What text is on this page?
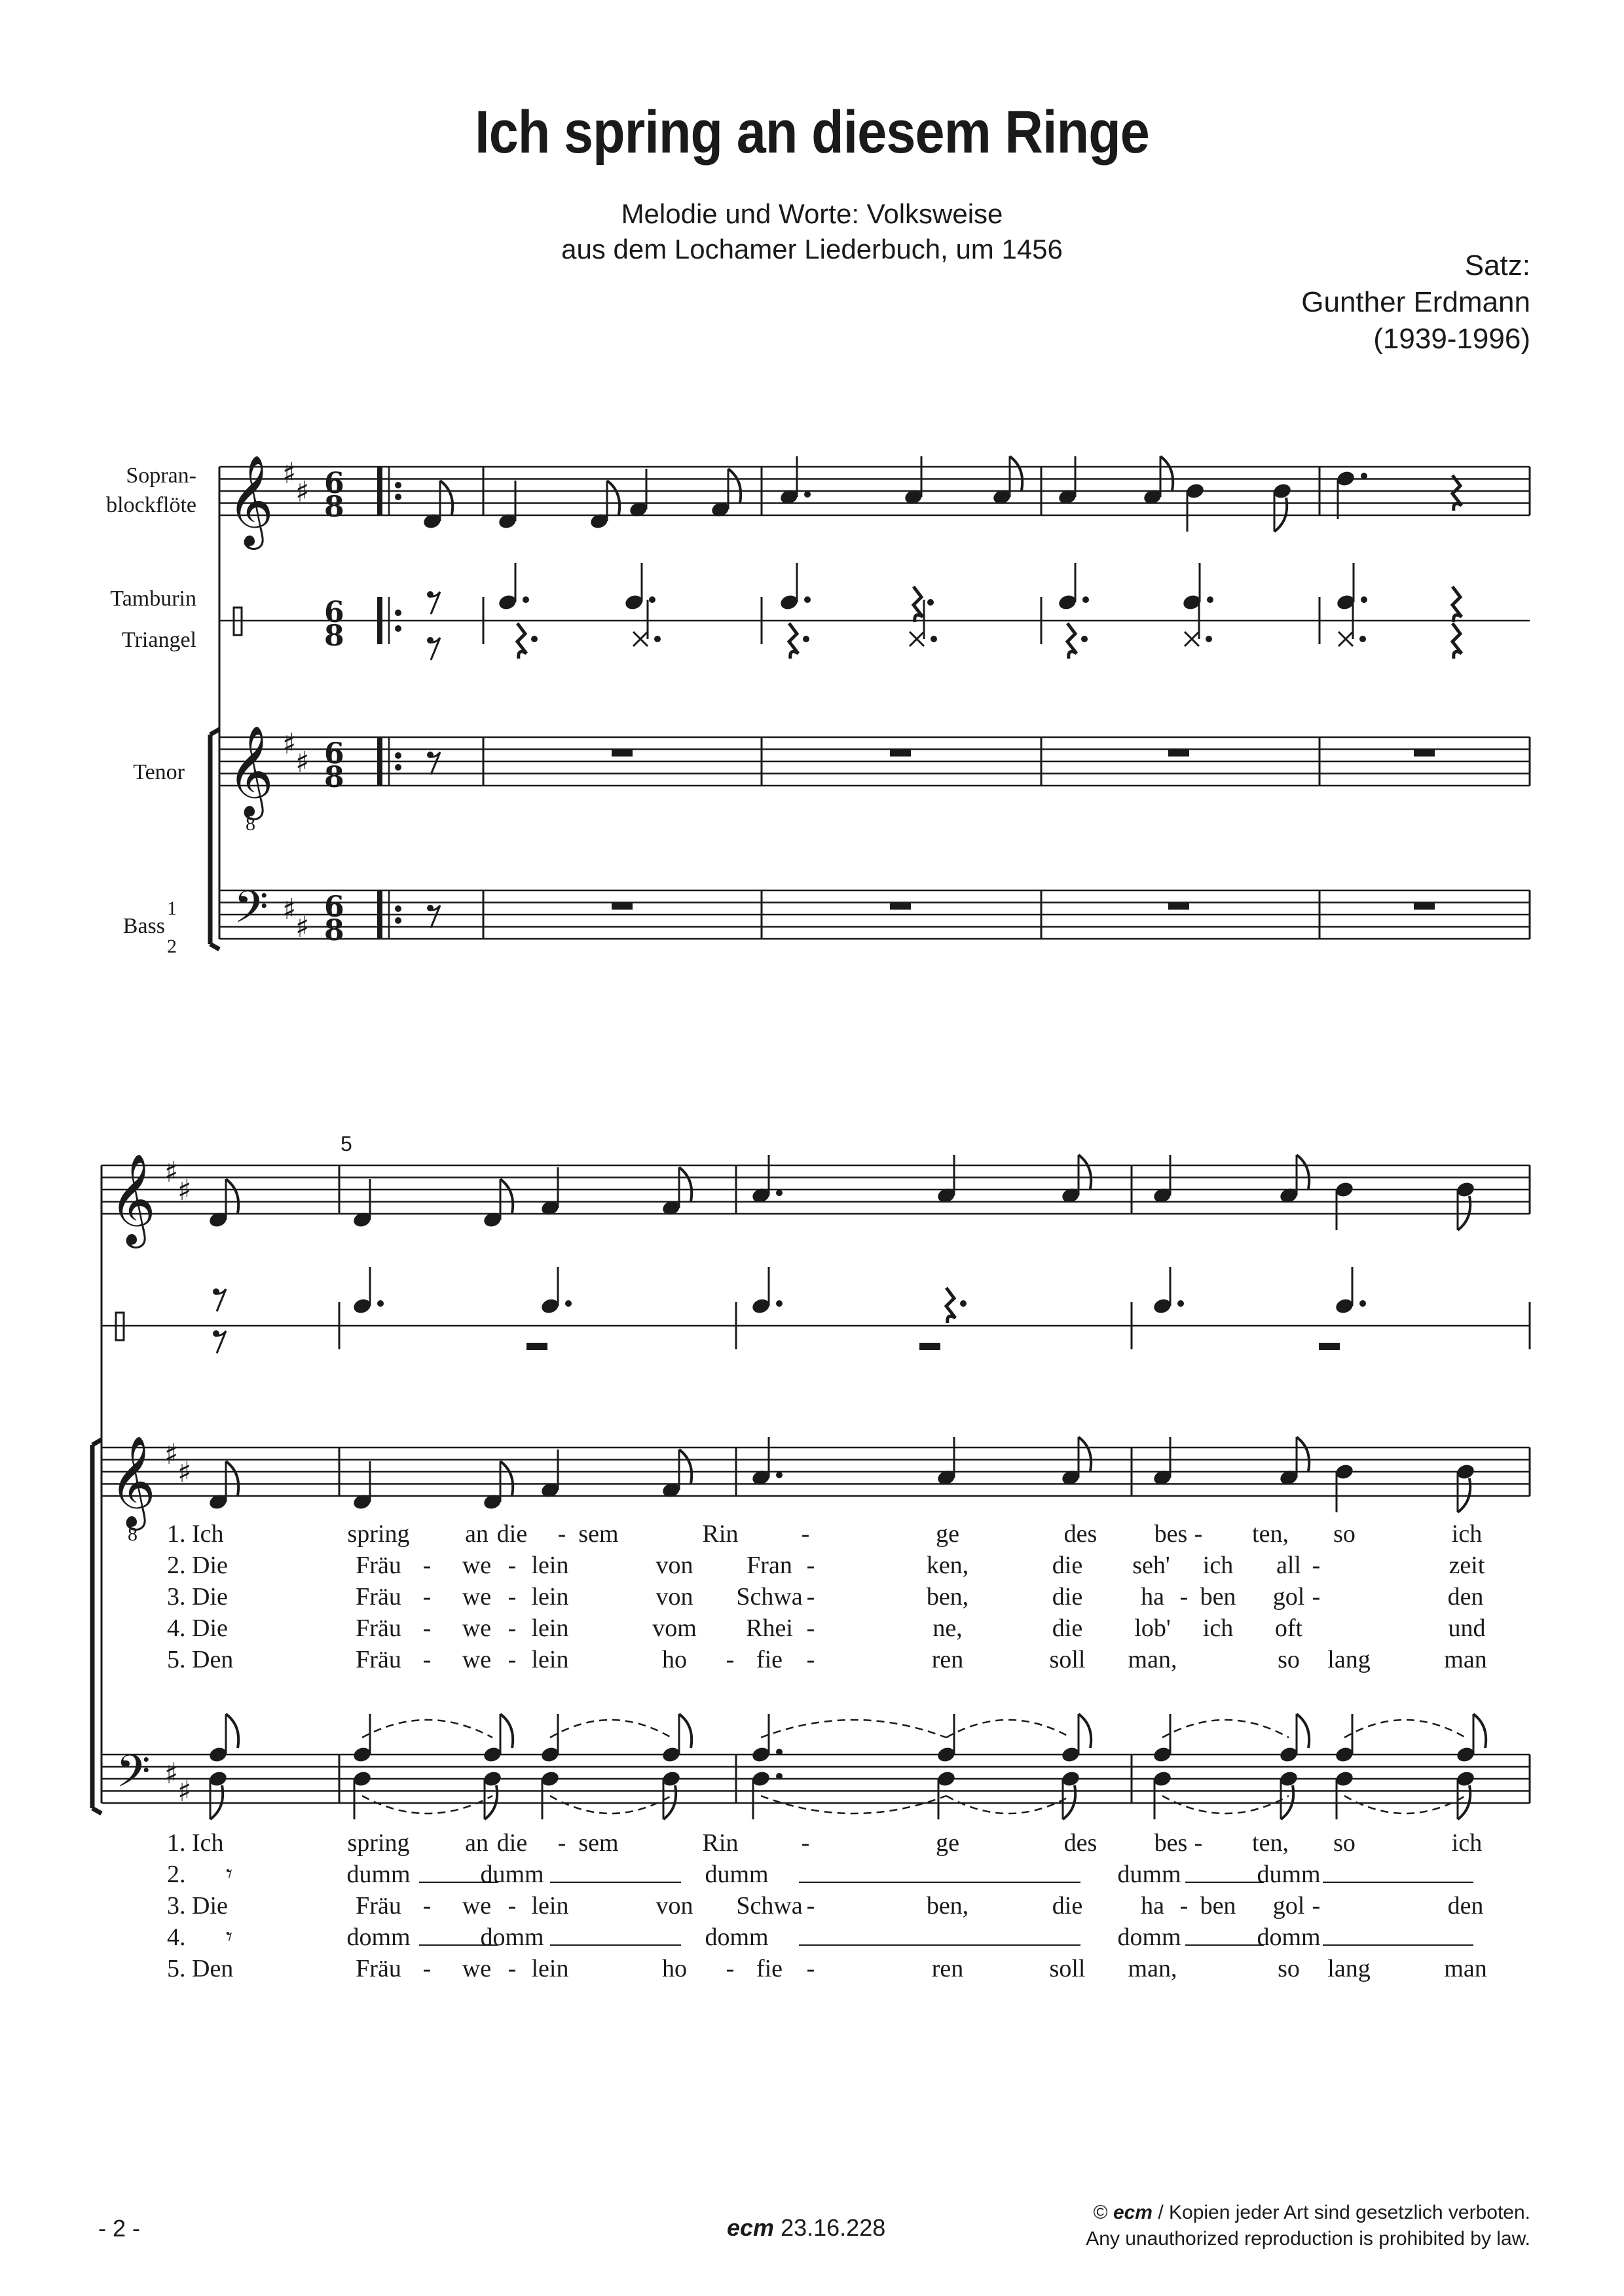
Ich spring an diesem Ringe
Melodie und Worte: Volksweise
aus dem Lochamer Liederbuch, um 1456
Satz:
Gunther Erdmann
(1939-1996)
𝄞 ♯
♯ 6
8
𝄞 ♯
♯ 6
8
8
𝄢 ♯
♯
6
8
6
8
Sopran-
blockflöte
Tamburin
Triangel
Tenor
Bass
1
2
𝄞 ♯
♯
𝄞 ♯
♯
8
𝄢 ♯
♯
5
1. Ich	spring an die - sem	Rin	-	ge	des bes - ten, so	ich
2. Die	Fräu - we - lein	von Fran -	ken,	die seh' ich all -	zeit
3. Die	Fräu - we - lein	von Schwa -	ben,	die ha - ben gol -	den
4. Die	Fräu - we - lein	vom Rhei -	ne,	die lob' ich oft	und
5. Den	Fräu - we - lein	ho - fie -	ren	soll man,	so lang	man
1. Ich	spring an die - sem	Rin	-	ge	des bes - ten, so	ich
2. 𝄾	dumm	dumm	dumm	dumm	dumm
3. Die	Fräu - we - lein	von Schwa -	ben,	die ha - ben gol -	den
4. 𝄾	domm	domm	domm	domm	domm
5. Den	Fräu - we - lein	ho - fie -	ren	soll man,	so lang	man
- 2 -	ecm 23.16.228
© ecm / Kopien jeder Art sind gesetzlich verboten.
Any unauthorized reproduction is prohibited by law.
